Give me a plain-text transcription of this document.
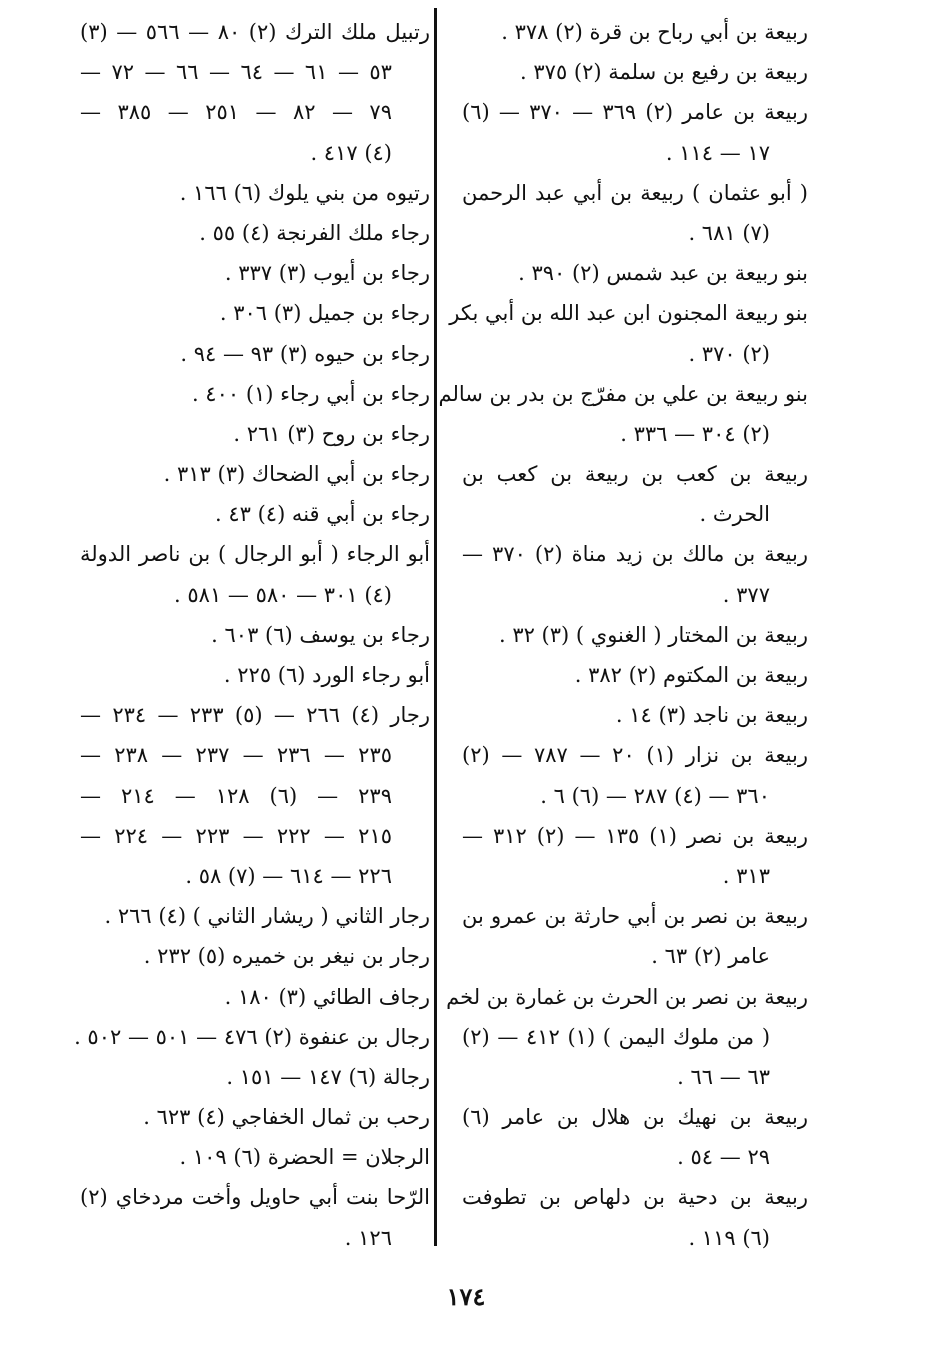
ربيعة بن أبي رباح بن قرة (٢) ٣٧٨ .
ربيعة بن رفيع بن سلمة (٢) ٣٧٥ .
ربيعة بن عامر (٢) ٣٦٩ — ٣٧٠ — (٦)
١٧ — ١١٤ .
( أبو عثمان ) ربيعة بن أبي عبد الرحمن
(٧) ٦٨١ .
بنو ربيعة بن عبد شمس (٢) ٣٩٠ .
بنو ربيعة المجنون ابن عبد الله بن أبي بكر
(٢) ٣٧٠ .
بنو ربيعة بن علي بن مفرّج بن بدر بن سالم
(٢) ٣٠٤ — ٣٣٦ .
ربيعة بن كعب بن ربيعة بن كعب بن
الحرث .
ربيعة بن مالك بن زيد مناة (٢) ٣٧٠ —
٣٧٧ .
ربيعة بن المختار ( الغنوي ) (٣) ٣٢ .
ربيعة بن المكتوم (٢) ٣٨٢ .
ربيعة بن ناجد (٣) ١٤ .
ربيعة بن نزار (١) ٢٠ — ٧٨٧ — (٢)
٣٦٠ — (٤) ٢٨٧ — (٦) ٦ .
ربيعة بن نصر (١) ١٣٥ — (٢) ٣١٢ —
٣١٣ .
ربيعة بن نصر بن أبي حارثة بن عمرو بن
عامر (٢) ٦٣ .
ربيعة بن نصر بن الحرث بن غمارة بن لخم
( من ملوك اليمن ) (١) ٤١٢ — (٢)
٦٣ — ٦٦ .
ربيعة بن نهيك بن هلال بن عامر (٦)
٢٩ — ٥٤ .
ربيعة بن دحية بن دلهاص بن تطوفت
(٦) ١١٩ .
رتبيل ملك الترك (٢) ٨٠ — ٥٦٦ — (٣)
٥٣ — ٦١ — ٦٤ — ٦٦ — ٧٢ —
٧٩ — ٨٢ — ٢٥١ — ٣٨٥ —
(٤) ٤١٧ .
رتيوه من بني يلوك (٦) ١٦٦ .
رجاء ملك الفرنجة (٤) ٥٥ .
رجاء بن أيوب (٣) ٣٣٧ .
رجاء بن جميل (٣) ٣٠٦ .
رجاء بن حيوه (٣) ٩٣ — ٩٤ .
رجاء بن أبي رجاء (١) ٤٠٠ .
رجاء بن روح (٣) ٢٦١ .
رجاء بن أبي الضحاك (٣) ٣١٣ .
رجاء بن أبي قنه (٤) ٤٣ .
أبو الرجاء ( أبو الرجال ) بن ناصر الدولة
(٤) ٣٠١ — ٥٨٠ — ٥٨١ .
رجاء بن يوسف (٦) ٦٠٣ .
أبو رجاء الورد (٦) ٢٢٥ .
رجار (٤) ٢٦٦ — (٥) ٢٣٣ — ٢٣٤ —
٢٣٥ — ٢٣٦ — ٢٣٧ — ٢٣٨ —
٢٣٩ — (٦) ١٢٨ — ٢١٤ —
٢١٥ — ٢٢٢ — ٢٢٣ — ٢٢٤ —
٢٢٦ — ٦١٤ — (٧) ٥٨ .
رجار الثاني ( ريشار الثاني ) (٤) ٢٦٦ .
رجار بن نيغر بن خميره (٥) ٢٣٢ .
رجاف الطائي (٣) ١٨٠ .
رجال بن عنفوة (٢) ٤٧٦ — ٥٠١ — ٥٠٢ .
رجالة (٦) ١٤٧ — ١٥١ .
رحب بن ثمال الخفاجي (٤) ٦٢٣ .
الرجلان = الحضرة (٦) ١٠٩ .
الرّحا بنت أبي حاويل وأخت مردخاي (٢)
١٢٦ .
١٧٤
